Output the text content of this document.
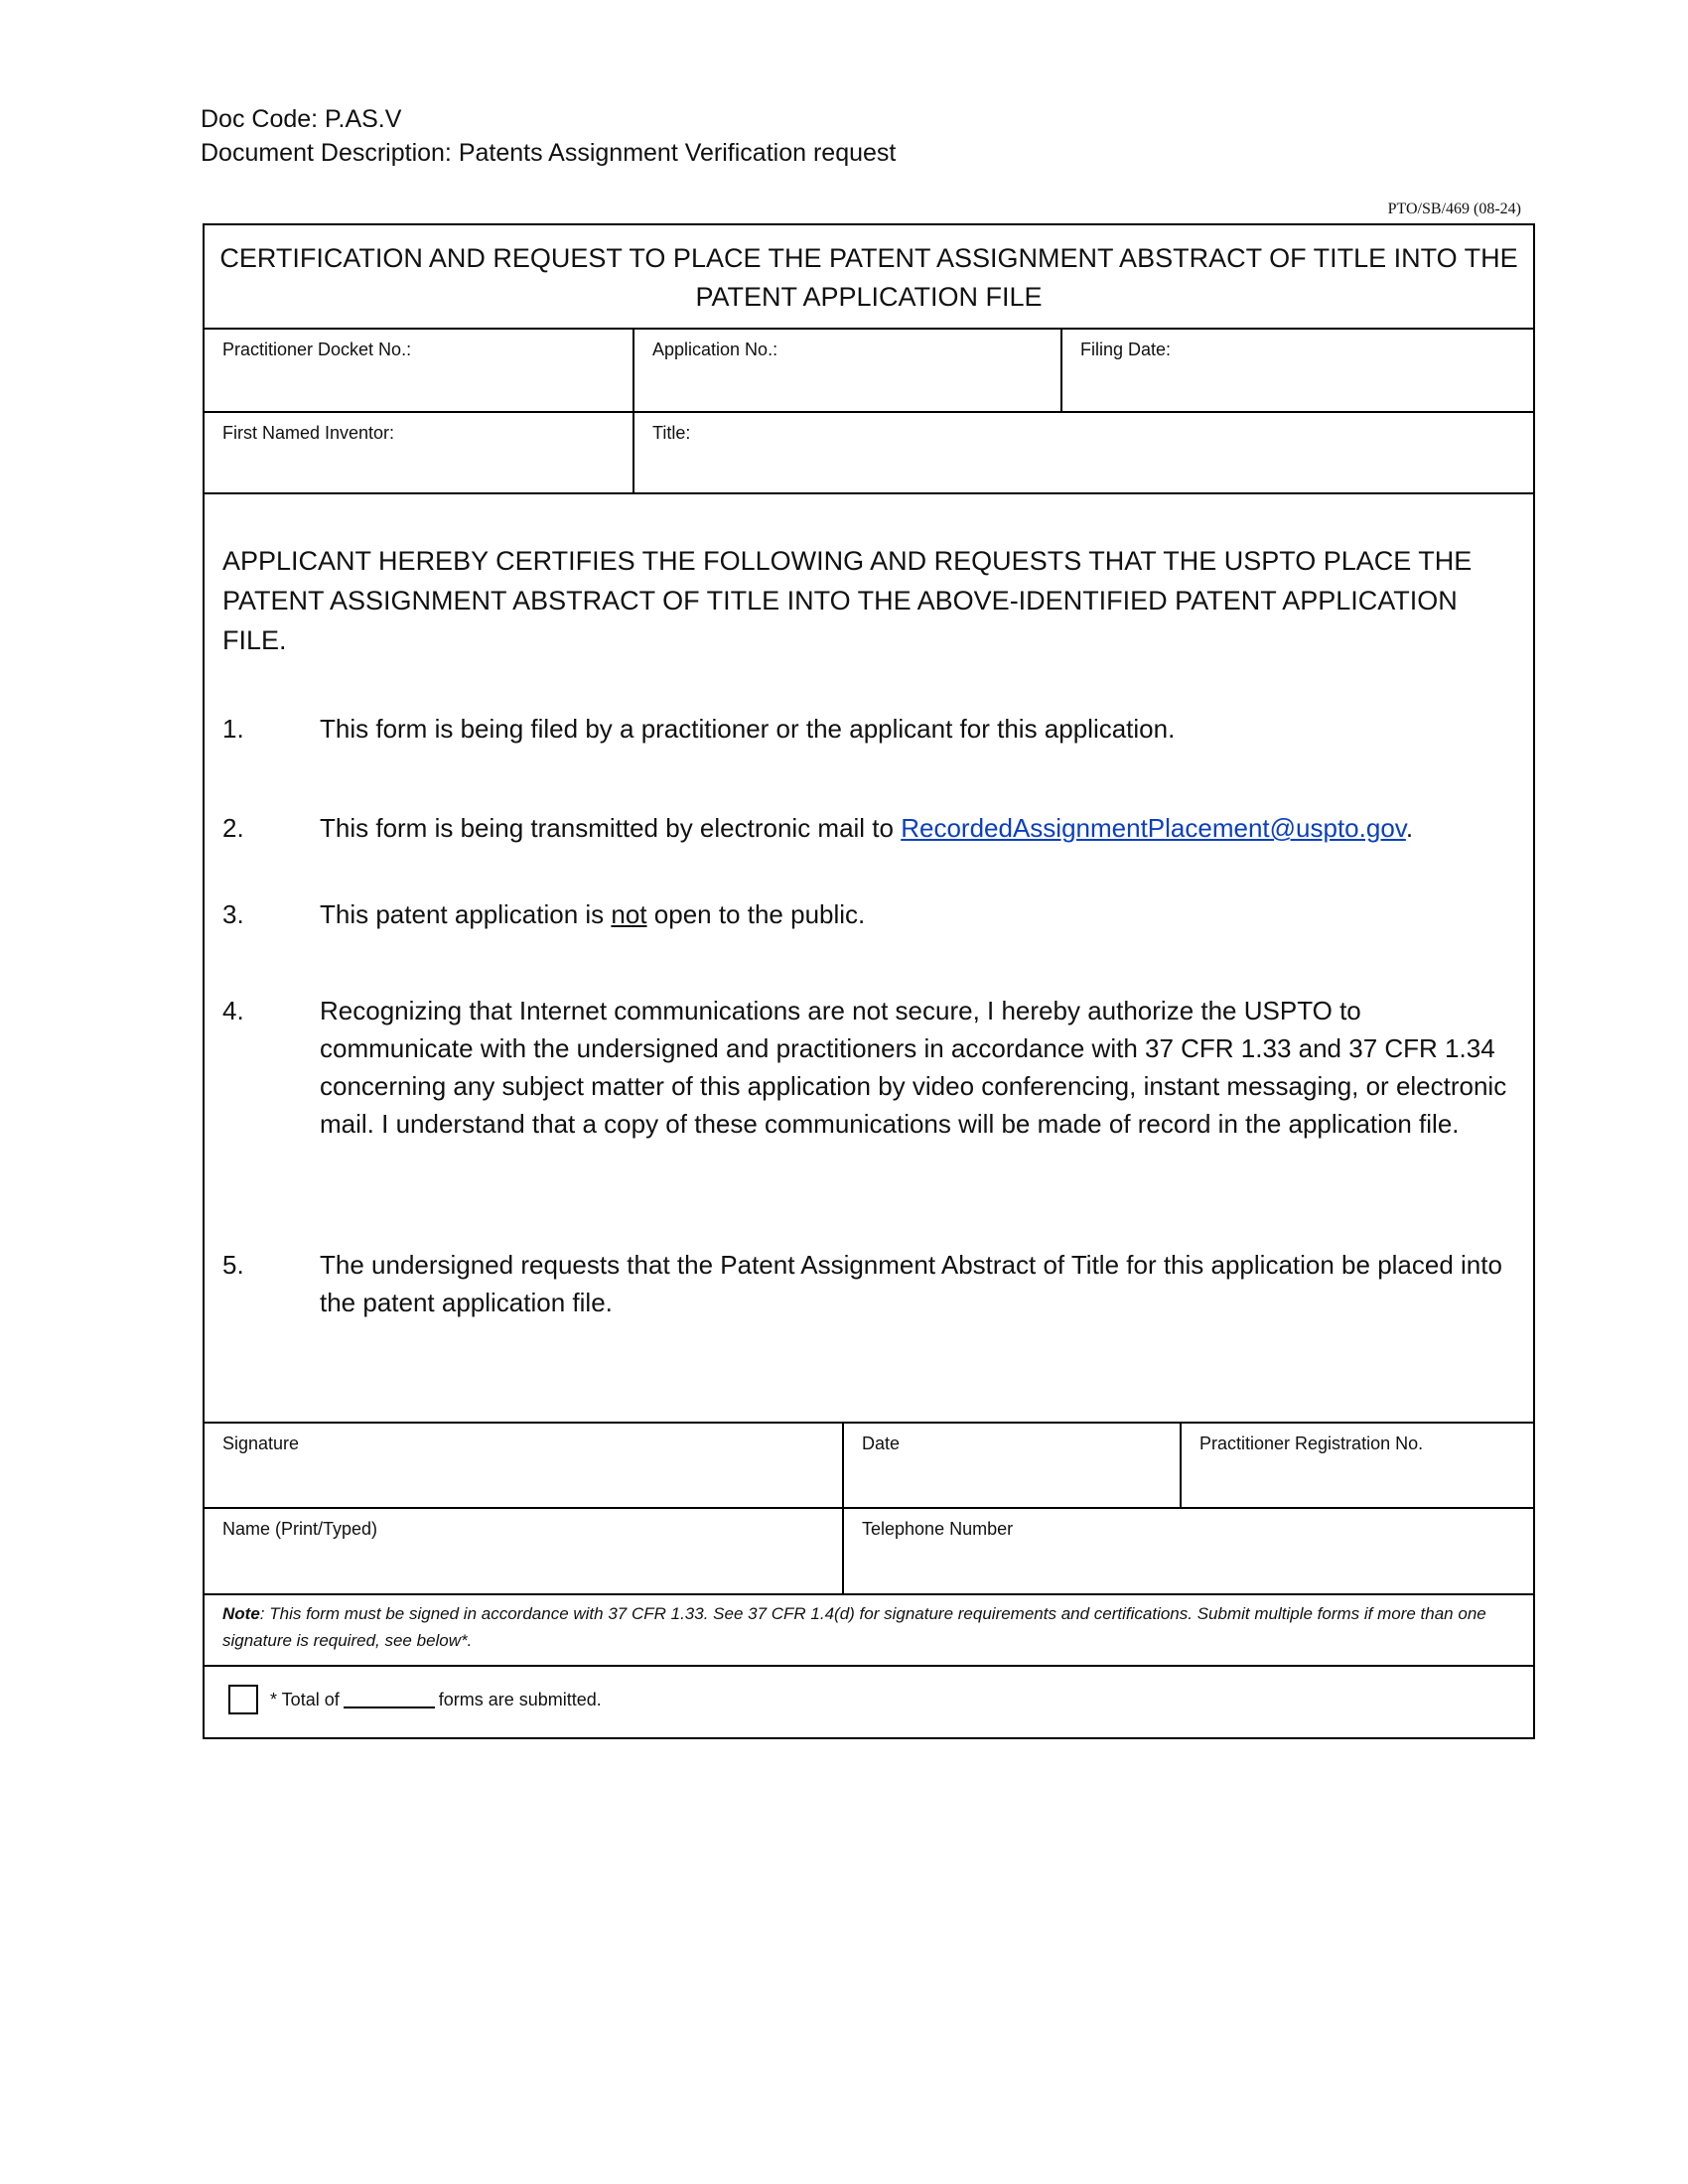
Doc Code: P.AS.V
Document Description: Patents Assignment Verification request
PTO/SB/469 (08-24)
CERTIFICATION AND REQUEST TO PLACE THE PATENT ASSIGNMENT ABSTRACT OF TITLE INTO THE
PATENT APPLICATION FILE
Practitioner Docket No.:	Application No.:	Filing Date:
First Named Inventor:	Title:
APPLICANT HEREBY CERTIFIES THE FOLLOWING AND REQUESTS THAT THE USPTO PLACE THE PATENT ASSIGNMENT ABSTRACT OF TITLE INTO THE ABOVE-IDENTIFIED PATENT APPLICATION FILE.
1.	This form is being filed by a practitioner or the applicant for this application.
2.	This form is being transmitted by electronic mail to RecordedAssignmentPlacement@uspto.gov.
3.	This patent application is not open to the public.
4.	Recognizing that Internet communications are not secure, I hereby authorize the USPTO to communicate with the undersigned and practitioners in accordance with 37 CFR 1.33 and 37 CFR 1.34 concerning any subject matter of this application by video conferencing, instant messaging, or electronic mail. I understand that a copy of these communications will be made of record in the application file.
5.	The undersigned requests that the Patent Assignment Abstract of Title for this application be placed into the patent application file.
Signature	Date	Practitioner Registration No.
Name (Print/Typed)	Telephone Number
Note: This form must be signed in accordance with 37 CFR 1.33. See 37 CFR 1.4(d) for signature requirements and certifications. Submit multiple forms if more than one signature is required, see below*.
* Total of	forms are submitted.
